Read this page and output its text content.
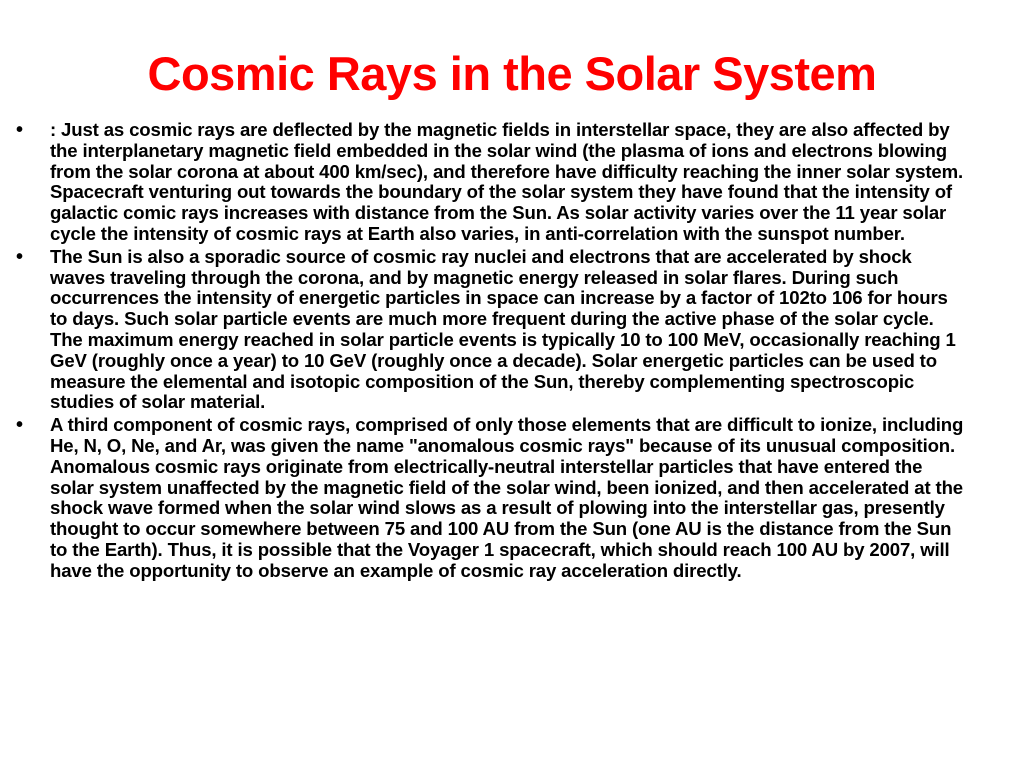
Cosmic Rays in the Solar System
• : Just as cosmic rays are deflected by the magnetic fields in interstellar space, they are also affected by the interplanetary magnetic field embedded in the solar wind (the plasma of ions and electrons blowing from the solar corona at about 400 km/sec), and therefore have difficulty reaching the inner solar system. Spacecraft venturing out towards the boundary of the solar system they have found that the intensity of galactic comic rays increases with distance from the Sun. As solar activity varies over the 11 year solar cycle the intensity of cosmic rays at Earth also varies, in anti-correlation with the sunspot number.
• The Sun is also a sporadic source of cosmic ray nuclei and electrons that are accelerated by shock waves traveling through the corona, and by magnetic energy released in solar flares. During such occurrences the intensity of energetic particles in space can increase by a factor of 102to 106 for hours to days. Such solar particle events are much more frequent during the active phase of the solar cycle. The maximum energy reached in solar particle events is typically 10 to 100 MeV, occasionally reaching 1 GeV (roughly once a year) to 10 GeV (roughly once a decade). Solar energetic particles can be used to measure the elemental and isotopic composition of the Sun, thereby complementing spectroscopic studies of solar material.
• A third component of cosmic rays, comprised of only those elements that are difficult to ionize, including He, N, O, Ne, and Ar, was given the name "anomalous cosmic rays" because of its unusual composition. Anomalous cosmic rays originate from electrically-neutral interstellar particles that have entered the solar system unaffected by the magnetic field of the solar wind, been ionized, and then accelerated at the shock wave formed when the solar wind slows as a result of plowing into the interstellar gas, presently thought to occur somewhere between 75 and 100 AU from the Sun (one AU is the distance from the Sun to the Earth). Thus, it is possible that the Voyager 1 spacecraft, which should reach 100 AU by 2007, will have the opportunity to observe an example of cosmic ray acceleration directly.
